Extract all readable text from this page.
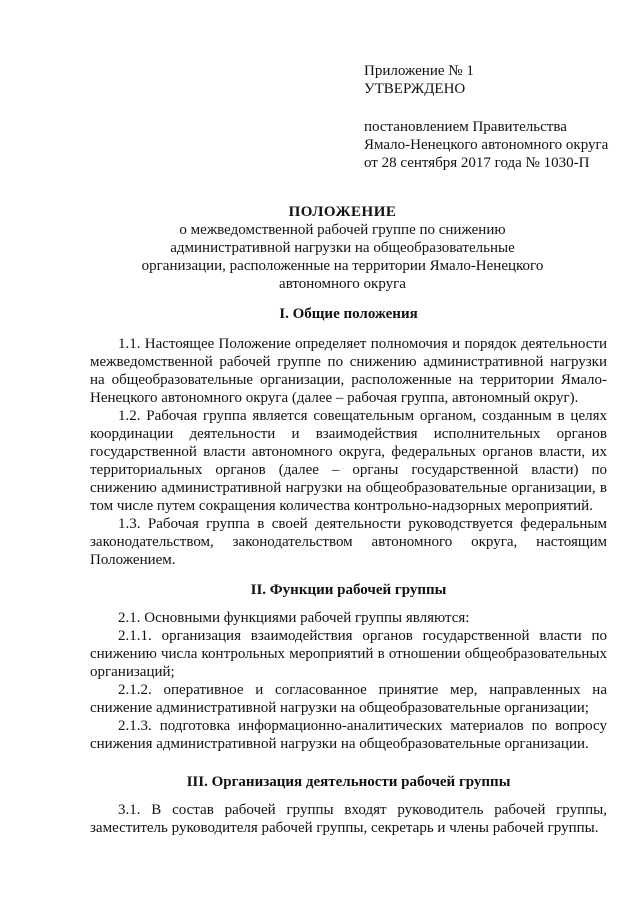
Приложение № 1
УТВЕРЖДЕНО
постановлением Правительства
Ямало-Ненецкого автономного округа
от 28 сентября 2017 года № 1030-П
ПОЛОЖЕНИЕ
о межведомственной рабочей группе по снижению
административной нагрузки на общеобразовательные
организации, расположенные на территории Ямало-Ненецкого
автономного округа
I. Общие положения

1.1. Настоящее Положение определяет полномочия и порядок деятельности межведомственной рабочей группе по снижению административной нагрузки на общеобразовательные организации, расположенные на территории Ямало-Ненецкого автономного округа (далее – рабочая группа, автономный округ).

1.2. Рабочая группа является совещательным органом, созданным в целях координации деятельности и взаимодействия исполнительных органов государственной власти автономного округа, федеральных органов власти, их территориальных органов (далее – органы государственной власти) по снижению административной нагрузки на общеобразовательные организации, в том числе путем сокращения количества контрольно-надзорных мероприятий.

1.3. Рабочая группа в своей деятельности руководствуется федеральным законодательством, законодательством автономного округа, настоящим Положением.

II. Функции рабочей группы

2.1. Основными функциями рабочей группы являются:

2.1.1. организация взаимодействия органов государственной власти по снижению числа контрольных мероприятий в отношении общеобразовательных организаций;

2.1.2. оперативное и согласованное принятие мер, направленных на снижение административной нагрузки на общеобразовательные организации;

2.1.3. подготовка информационно-аналитических материалов по вопросу снижения административной нагрузки на общеобразовательные организации.

III. Организация деятельности рабочей группы

3.1. В состав рабочей группы входят руководитель рабочей группы, заместитель руководителя рабочей группы, секретарь и члены рабочей группы.
